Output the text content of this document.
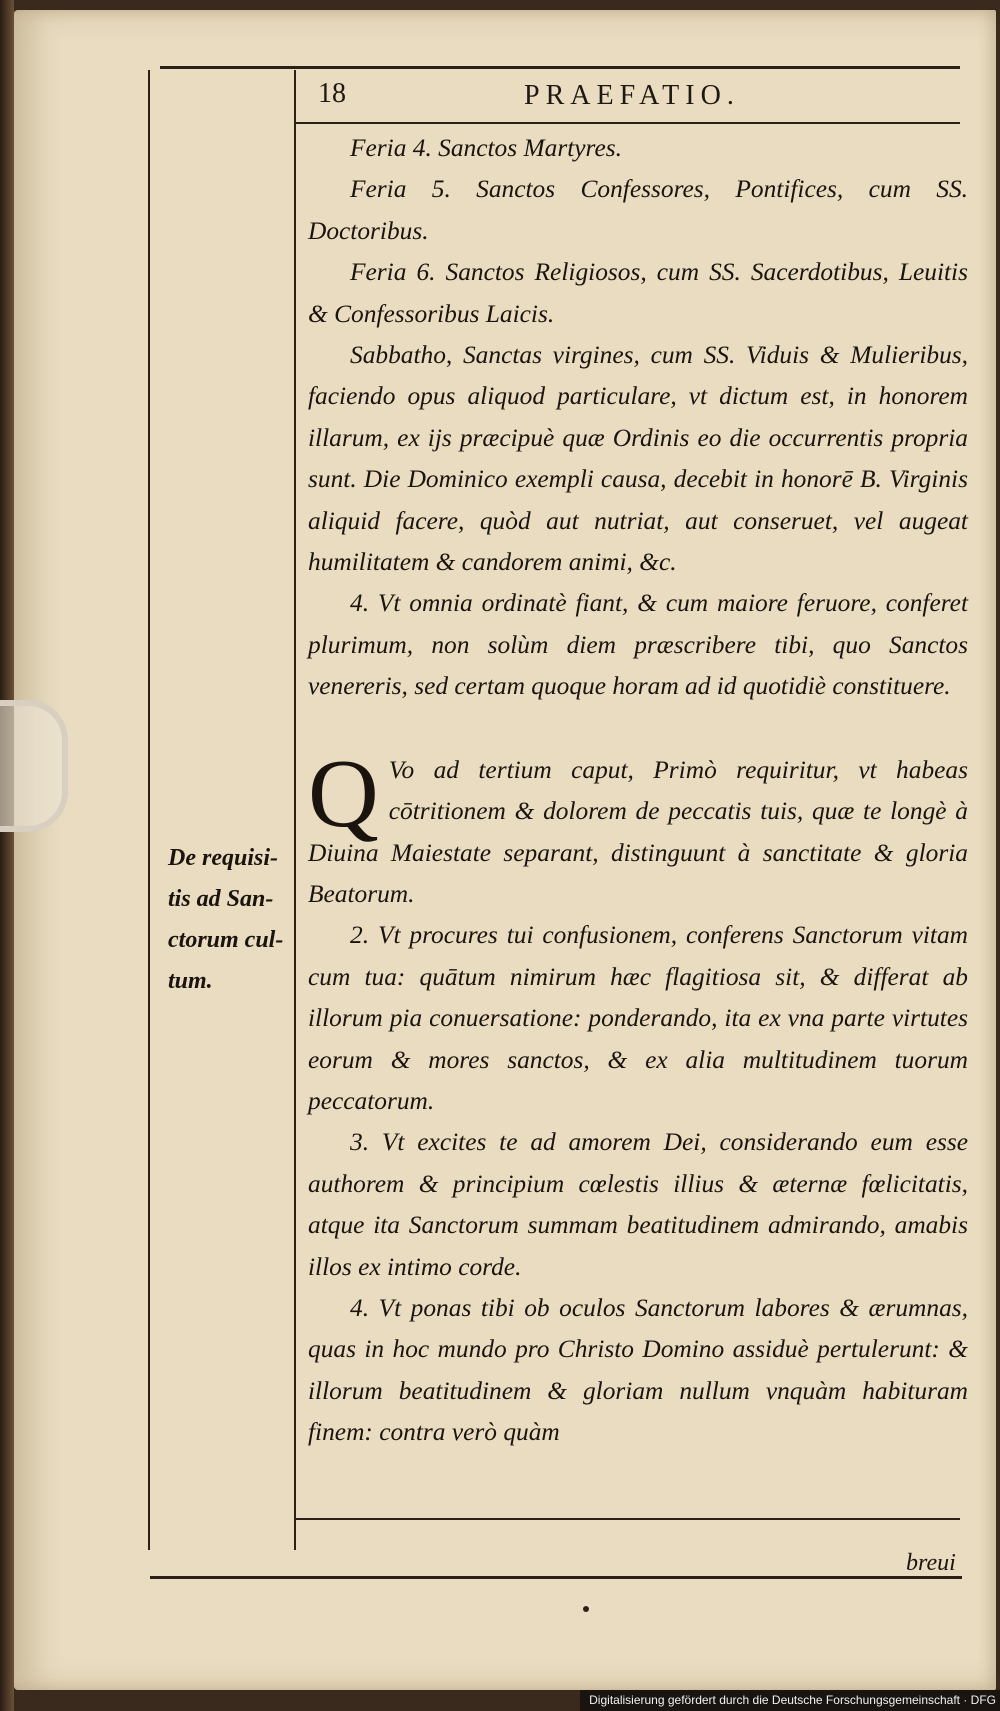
18	PRAEFATIO.
De requisi-
tis ad San-
ctorum cul-
tum.

Feria 4. Sanctos Martyres.

Feria 5. Sanctos Confessores, Pontifices, cum SS. Doctoribus.

Feria 6. Sanctos Religiosos, cum SS. Sacerdotibus, Leuitis & Confessoribus Laicis.

Sabbatho, Sanctas virgines, cum SS. Viduis & Mulieribus, faciendo opus aliquod particulare, vt dictum est, in honorem illarum, ex ijs præcipuè quæ Ordinis eo die occurrentis propria sunt. Die Dominico exempli causa, decebit in honorē B. Virginis aliquid facere, quòd aut nutriat, aut conseruet, vel augeat humilitatem & candorem animi, &c.

4. Vt omnia ordinatè fiant, & cum maiore feruore, conferet plurimum, non solùm diem præscribere tibi, quo Sanctos venereris, sed certam quoque horam ad id quotidiè constituere.

Q Vo ad tertium caput, Primò requiritur, vt habeas cōtritionem & dolorem de peccatis tuis, quæ te longè à Diuina Maiestate separant, distinguunt à sanctitate & gloria Beatorum.

2. Vt procures tui confusionem, conferens Sanctorum vitam cum tua: quātum nimirum hæc flagitiosa sit, & differat ab illorum pia conuersatione: ponderando, ita ex vna parte virtutes eorum & mores sanctos, & ex alia multitudinem tuorum peccatorum.

3. Vt excites te ad amorem Dei, considerando eum esse authorem & principium cœlestis illius & æternæ fœlicitatis, atque ita Sanctorum summam beatitudinem admirando, amabis illos ex intimo corde.

4. Vt ponas tibi ob oculos Sanctorum labores & ærumnas, quas in hoc mundo pro Christo Domino assiduè pertulerunt: & illorum beatitudinem & gloriam nullum vnquàm habituram finem: contra verò quàm

breui
Digitalisierung gefördert durch die Deutsche Forschungsgemeinschaft · DFG
